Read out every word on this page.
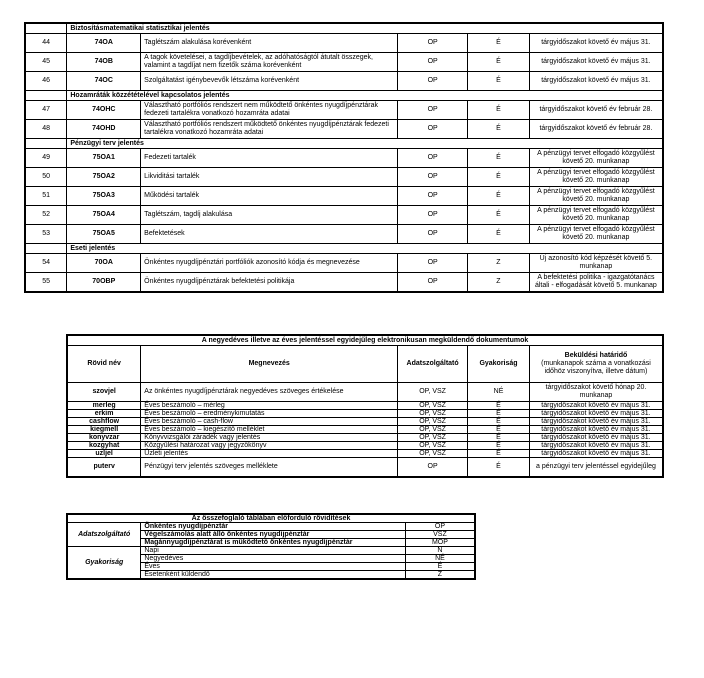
	Biztosításmatematikai statisztikai jelentés				
44	74OA	Taglétszám alakulása korévenként	OP	É	tárgyidőszakot követő év május 31.
45	74OB	A tagok követelései, a tagdíjbevételek, az adóhatóságtól átutalt összegek, valamint a tagdíjat nem fizetők száma korévenként	OP	É	tárgyidőszakot követő év május 31.
46	74OC	Szolgáltatást igénybevevők létszáma korévenként	OP	É	tárgyidőszakot követő év május 31.
	Hozamráták közzétételével kapcsolatos jelentés				
47	74OHC	Választható portfóliós rendszert nem működtető önkéntes nyugdíjpénztárak fedezeti tartalékra vonatkozó hozamráta adatai	OP	É	tárgyidőszakot követő év február 28.
48	74OHD	Választható portfóliós rendszert működtető önkéntes nyugdíjpénztárak fedezeti tartalékra vonatkozó hozamráta adatai	OP	É	tárgyidőszakot követő év február 28.
	Pénzügyi terv jelentés				
49	75OA1	Fedezeti tartalék	OP	É	A pénzügyi tervet elfogadó közgyűlést követő 20. munkanap
50	75OA2	Likviditási tartalék	OP	É	A pénzügyi tervet elfogadó közgyűlést követő 20. munkanap
51	75OA3	Működési tartalék	OP	É	A pénzügyi tervet elfogadó közgyűlést követő 20. munkanap
52	75OA4	Taglétszám, tagdíj alakulása	OP	É	A pénzügyi tervet elfogadó közgyűlést követő 20. munkanap
53	75OA5	Befektetések	OP	É	A pénzügyi tervet elfogadó közgyűlést követő 20. munkanap
	Eseti jelentés				
54	70OA	Önkéntes nyugdíjpénztári portfóliók azonosító kódja és megnevezése	OP	Z	Új azonosító kód képzését követő 5. munkanap
55	70OBP	Önkéntes nyugdíjpénztárak befektetési politikája	OP	Z	A befektetési politika - igazgatótanács általi - elfogadását követő 5. munkanap
A negyedéves illetve az éves jelentéssel egyidejűleg elektronikusan megküldendő dokumentumok				
Rövid név	Megnevezés	Adatszolgáltató	Gyakoriság	Beküldési határidő
(munkanapok száma a vonatkozási időhöz viszonyítva, illetve dátum)
szovjel	Az önkéntes nyugdíjpénztárak negyedéves szöveges értékelése	OP, VSZ	NÉ	tárgyidőszakot követő hónap 20. munkanap
merleg	Éves beszámoló – mérleg	OP, VSZ	É	tárgyidőszakot követő év május 31.
erkim	Éves beszámoló – eredménykimutatás	OP, VSZ	É	tárgyidőszakot követő év május 31.
cashflow	Éves beszámoló – cash-flow	OP, VSZ	É	tárgyidőszakot követő év május 31.
kiegmell	Éves beszámoló – kiegészítő melléklet	OP, VSZ	É	tárgyidőszakot követő év május 31.
konyvzar	Könyvvizsgálói záradék vagy jelentés	OP, VSZ	É	tárgyidőszakot követő év május 31.
kozgyhat	Közgyűlési határozat vagy jegyzőkönyv	OP, VSZ	É	tárgyidőszakot követő év május 31.
uzljel	Üzleti jelentés	OP, VSZ	É	tárgyidőszakot követő év május 31.
puterv	Pénzügyi terv jelentés szöveges melléklete	OP	É	a pénzügyi terv jelentéssel egyidejűleg
Az összefoglaló táblában előforduló rövidítések		
Adatszolgáltató	Önkéntes nyugdíjpénztár	OP
	Végelszámolás alatt álló önkéntes nyugdíjpénztár	VSZ
	Magánnyugdíjpénztárat is működtető önkéntes nyugdíjpénztár	MOP
Gyakoriság	Napi	N
	Negyedéves	NÉ
	Éves	É
	Esetenként küldendő	Z
